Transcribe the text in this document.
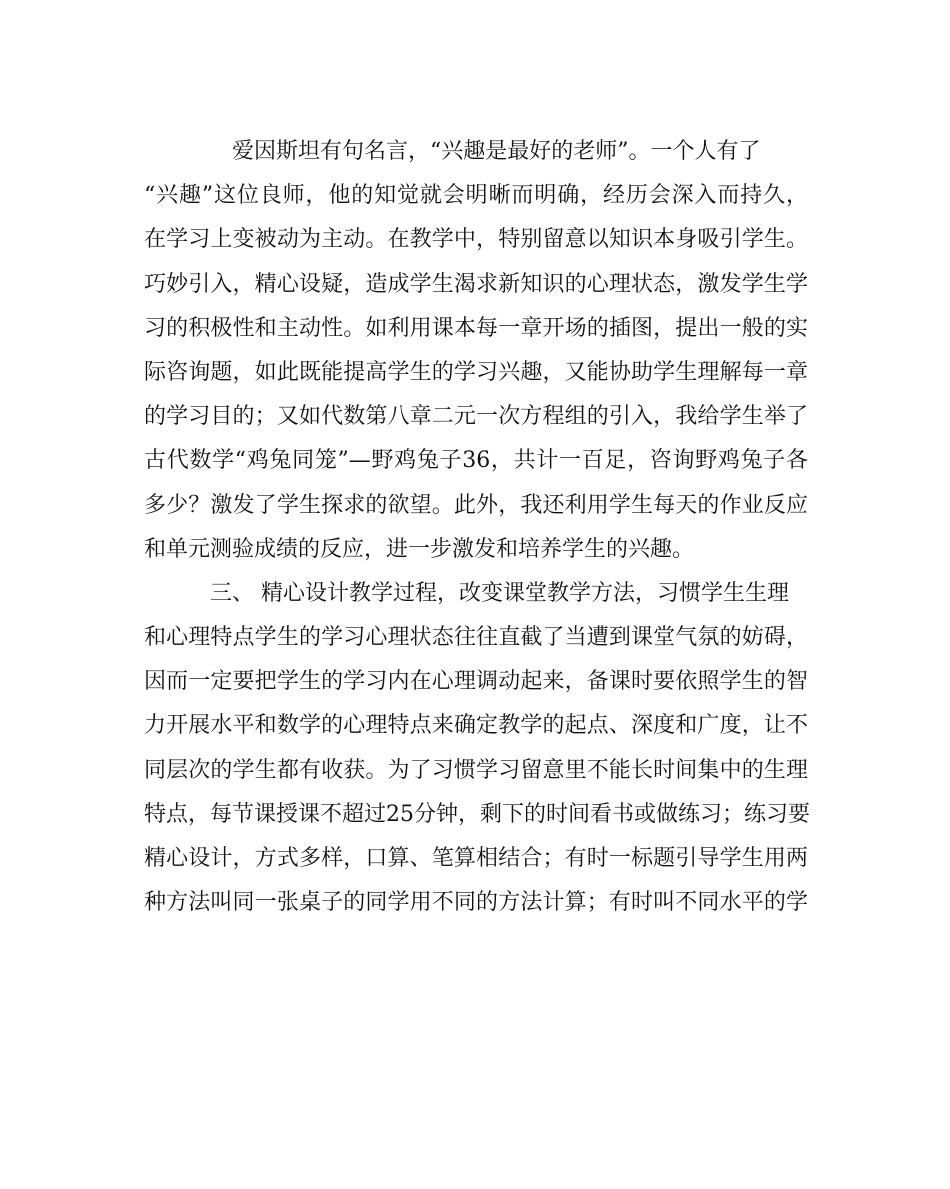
爱因斯坦有句名言，“兴趣是最好的老师”。一个人有了
“兴趣”这位良师，他的知觉就会明晰而明确，经历会深入而持久，
在学习上变被动为主动。在教学中，特别留意以知识本身吸引学生。
巧妙引入，精心设疑，造成学生渴求新知识的心理状态，激发学生学
习的积极性和主动性。如利用课本每一章开场的插图，提出一般的实
际咨询题，如此既能提高学生的学习兴趣，又能协助学生理解每一章
的学习目的；又如代数第八章二元一次方程组的引入，我给学生举了
古代数学“鸡兔同笼”—野鸡兔子36，共计一百足，咨询野鸡兔子各
多少？激发了学生探求的欲望。此外，我还利用学生每天的作业反应
和单元测验成绩的反应，进一步激发和培养学生的兴趣。
三、 精心设计教学过程，改变课堂教学方法，习惯学生生理
和心理特点学生的学习心理状态往往直截了当遭到课堂气氛的妨碍，
因而一定要把学生的学习内在心理调动起来，备课时要依照学生的智
力开展水平和数学的心理特点来确定教学的起点、深度和广度，让不
同层次的学生都有收获。为了习惯学习留意里不能长时间集中的生理
特点，每节课授课不超过25分钟，剩下的时间看书或做练习；练习要
精心设计，方式多样，口算、笔算相结合；有时一标题引导学生用两
种方法叫同一张桌子的同学用不同的方法计算；有时叫不同水平的学
